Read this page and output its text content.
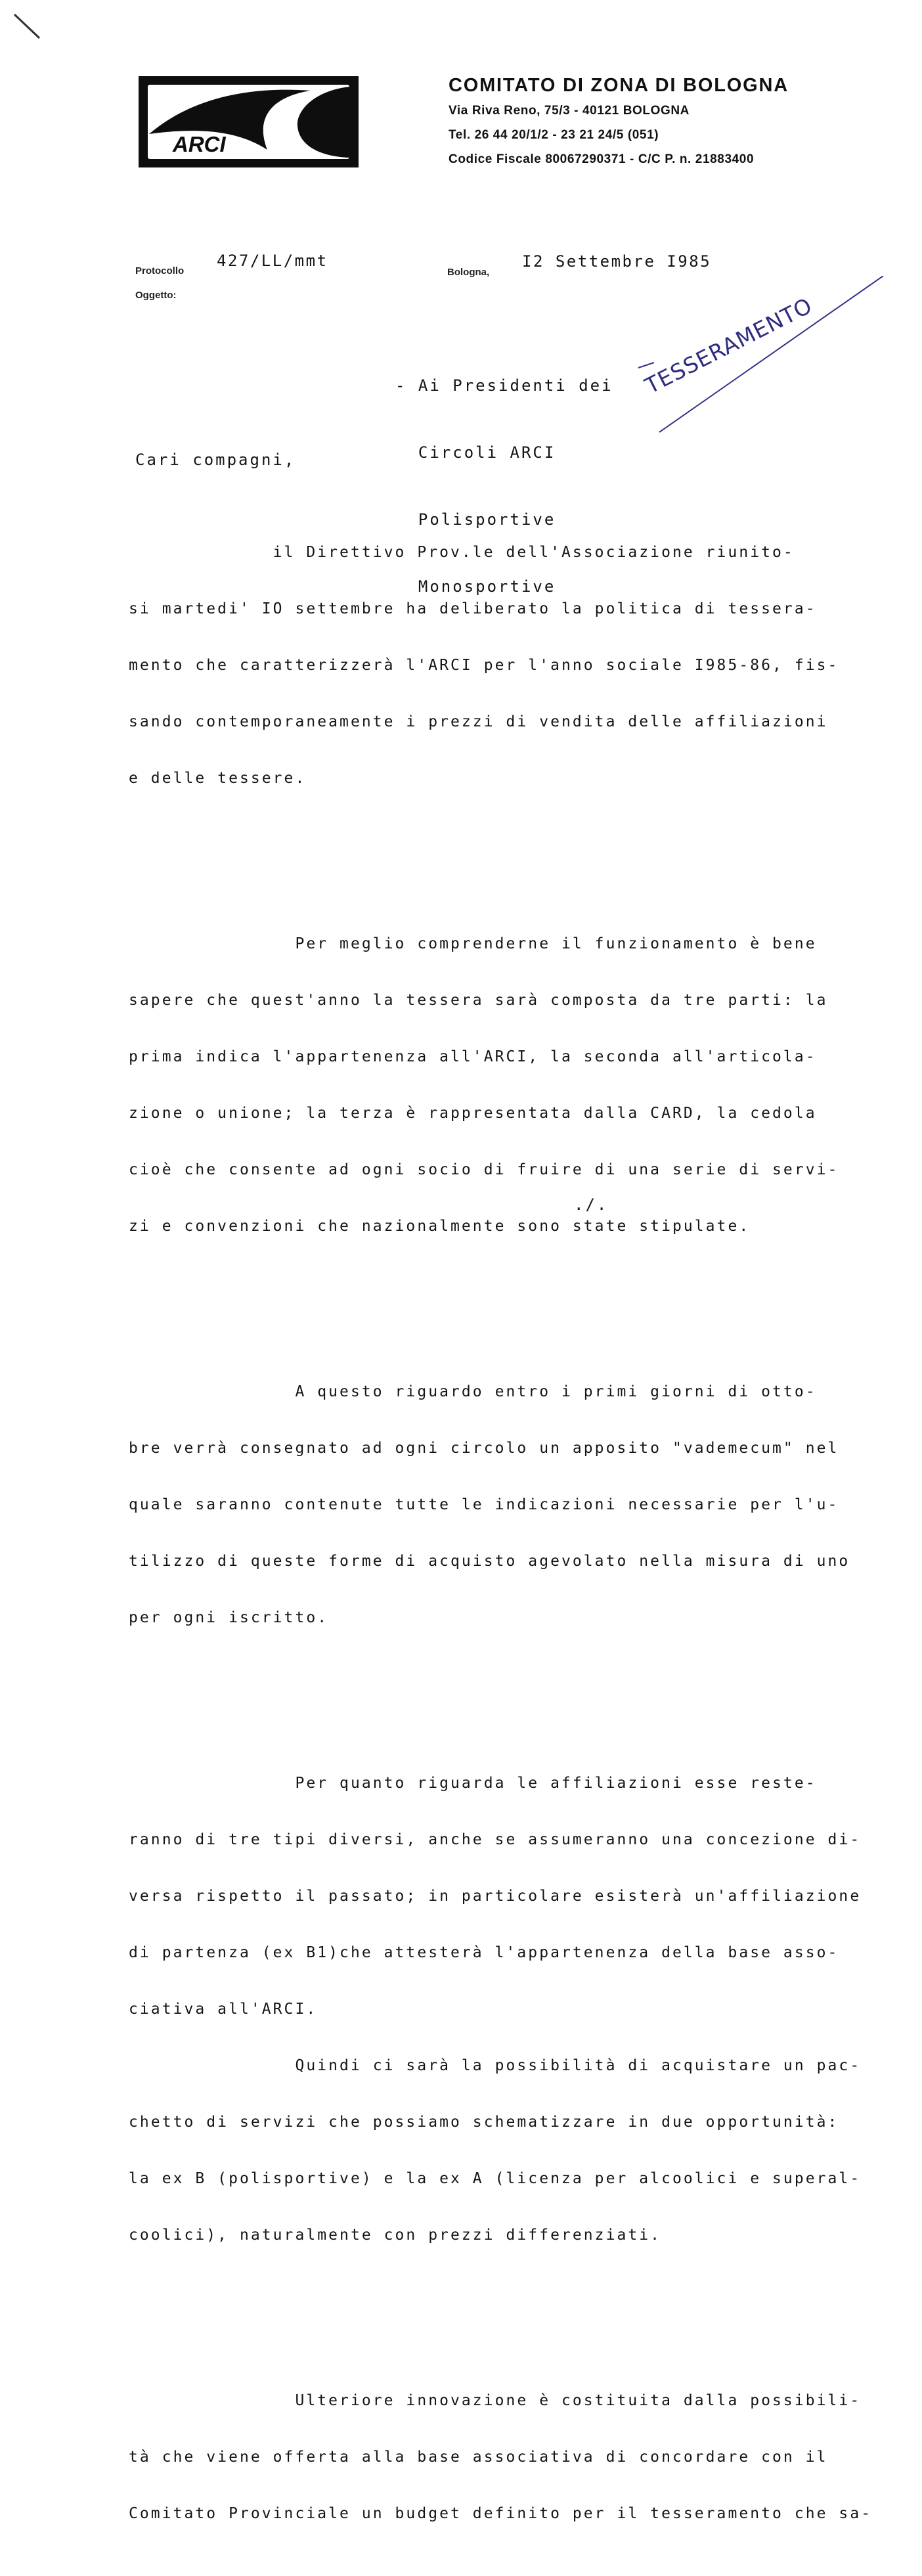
ARCI
COMITATO DI ZONA DI BOLOGNA
Via Riva Reno, 75/3 - 40121 BOLOGNA
Tel. 26 44 20/1/2 - 23 21 24/5 (051)
Codice Fiscale 80067290371 - C/C P. n. 21883400
Protocollo
427/LL/mmt
Oggetto:
Bologna,
I2 Settembre I985

- Ai Presidenti dei

Circoli ARCI

Polisportive

Monosportive

TESSERAMENTO
Cari compagni,

il Direttivo Prov.le dell'Associazione riunito-

si martedi' IO settembre ha deliberato la politica di tessera-

mento che caratterizzerà l'ARCI per l'anno sociale I985-86, fis-

sando contemporaneamente i prezzi di vendita delle affiliazioni

e delle tessere.

Per meglio comprenderne il funzionamento è bene

sapere che quest'anno la tessera sarà composta da tre parti: la

prima indica l'appartenenza all'ARCI, la seconda all'articola-

zione o unione; la terza è rappresentata dalla CARD, la cedola

cioè che consente ad ogni socio di fruire di una serie di servi-

zi e convenzioni che nazionalmente sono state stipulate.

A questo riguardo entro i primi giorni di otto-

bre verrà consegnato ad ogni circolo un apposito "vademecum" nel

quale saranno contenute tutte le indicazioni necessarie per l'u-

tilizzo di queste forme di acquisto agevolato nella misura di uno

per ogni iscritto.

Per quanto riguarda le affiliazioni esse reste-

ranno di tre tipi diversi, anche se assumeranno una concezione di-

versa rispetto il passato; in particolare esisterà un'affiliazione

di partenza (ex B1)che attesterà l'appartenenza della base asso-

ciativa all'ARCI.

Quindi ci sarà la possibilità di acquistare un pac-

chetto di servizi che possiamo schematizzare in due opportunità:

la ex B (polisportive) e la ex A (licenza per alcoolici e superal-

coolici), naturalmente con prezzi differenziati.

Ulteriore innovazione è costituita dalla possibili-

tà che viene offerta alla base associativa di concordare con il

Comitato Provinciale un budget definito per il tesseramento che sa-

./.
